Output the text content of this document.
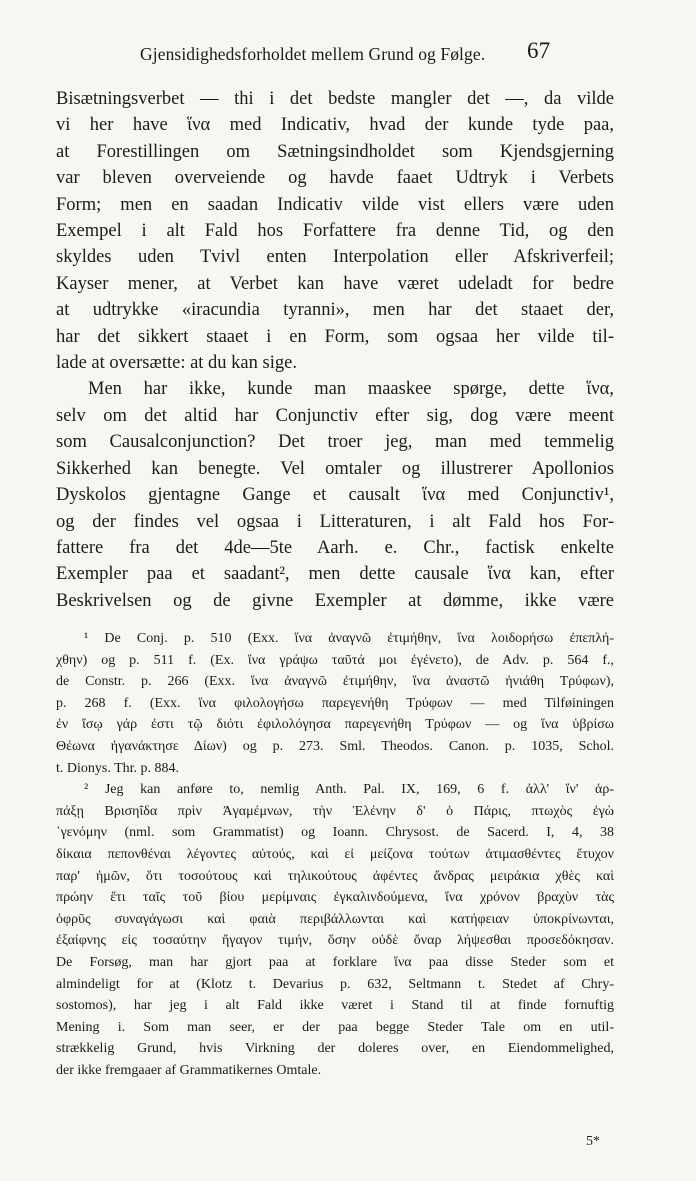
Gjensidighedsforholdet mellem Grund og Følge. 67
Bisætningsverbet — thi i det bedste mangler det —, da vilde
vi her have ἵνα med Indicativ, hvad der kunde tyde paa,
at Forestillingen om Sætningsindholdet som Kjendsgjerning
var bleven overveiende og havde faaet Udtryk i Verbets
Form; men en saadan Indicativ vilde vist ellers være uden
Exempel i alt Fald hos Forfattere fra denne Tid, og den
skyldes uden Tvivl enten Interpolation eller Afskriverfeil;
Kayser mener, at Verbet kan have været udeladt for bedre
at udtrykke «iracundia tyranni», men har det staaet der,
har det sikkert staaet i en Form, som ogsaa her vilde til-
lade at oversætte: at du kan sige.
Men har ikke, kunde man maaskee spørge, dette ἵνα,
selv om det altid har Conjunctiv efter sig, dog være meent
som Causalconjunction? Det troer jeg, man med temmelig
Sikkerhed kan benegte. Vel omtaler og illustrerer Apollonios
Dyskolos gjentagne Gange et causalt ἵνα med Conjunctiv¹,
og der findes vel ogsaa i Litteraturen, i alt Fald hos For-
fattere fra det 4de—5te Aarh. e. Chr., factisk enkelte
Exempler paa et saadant², men dette causale ἵνα kan, efter
Beskrivelsen og de givne Exempler at dømme, ikke være
¹ De Conj. p. 510 (Exx. ἵνα ἀναγνῶ ἐτιμήθην, ἵνα λοιδορήσω ἐπεπλή-
χθην) og p. 511 f. (Ex. ἵνα γράψω ταῦτά μοι ἐγένετο), de Adv. p. 564 f.,
de Constr. p. 266 (Exx. ἵνα ἀναγνῶ ἐτιμήθην, ἵνα ἀναστῶ ἠνιάθη Τρύφων),
p. 268 f. (Exx. ἵνα φιλολογήσω παρεγενήθη Τρύφων — med Tilføiningen
ἐν ἴσῳ γάρ ἐστι τῷ διότι ἐφιλολόγησα παρεγενήθη Τρύφων — og ἵνα ὑβρίσω
Θέωνα ἠγανάκτησε Δίων) og p. 273. Sml. Theodos. Canon. p. 1035, Schol.
t. Dionys. Thr. p. 884.
² Jeg kan anføre to, nemlig Anth. Pal. IX, 169, 6 f. ἀλλ' ἵν' ἁρ-
πάξῃ Βρισηΐδα πρὶν Ἀγαμέμνων, τὴν Ἑλένην δ' ὁ Πάρις, πτωχὸς ἐγὼ
᾿γενόμην (nml. som Grammatist) og Ioann. Chrysost. de Sacerd. I, 4, 38
δίκαια πεπονθέναι λέγοντες αὐτούς, καὶ εἰ μείζονα τούτων ἀτιμασθέντες ἔτυχον
παρ' ἡμῶν, ὅτι τοσούτους καὶ τηλικούτους ἀφέντες ἄνδρας μειράκια χθὲς καὶ
πρώην ἔτι ταῖς τοῦ βίου μερίμναις ἐγκαλινδούμενα, ἵνα χρόνον βραχὺν τὰς
ὀφρῦς συναγάγωσι καὶ φαιὰ περιβάλλωνται καὶ κατήφειαν ὑποκρίνωνται,
ἐξαίφνης εἰς τοσαύτην ἤγαγον τιμήν, ὅσην οὐδὲ ὄναρ λήψεσθαι προσεδόκησαν.
De Forsøg, man har gjort paa at forklare ἵνα paa disse Steder som et
almindeligt for at (Klotz t. Devarius p. 632, Seltmann t. Stedet af Chry-
sostomos), har jeg i alt Fald ikke været i Stand til at finde fornuftig
Mening i. Som man seer, er der paa begge Steder Tale om en util-
strækkelig Grund, hvis Virkning der doleres over, en Eiendommelighed,
der ikke fremgaaer af Grammatikernes Omtale.
5*
